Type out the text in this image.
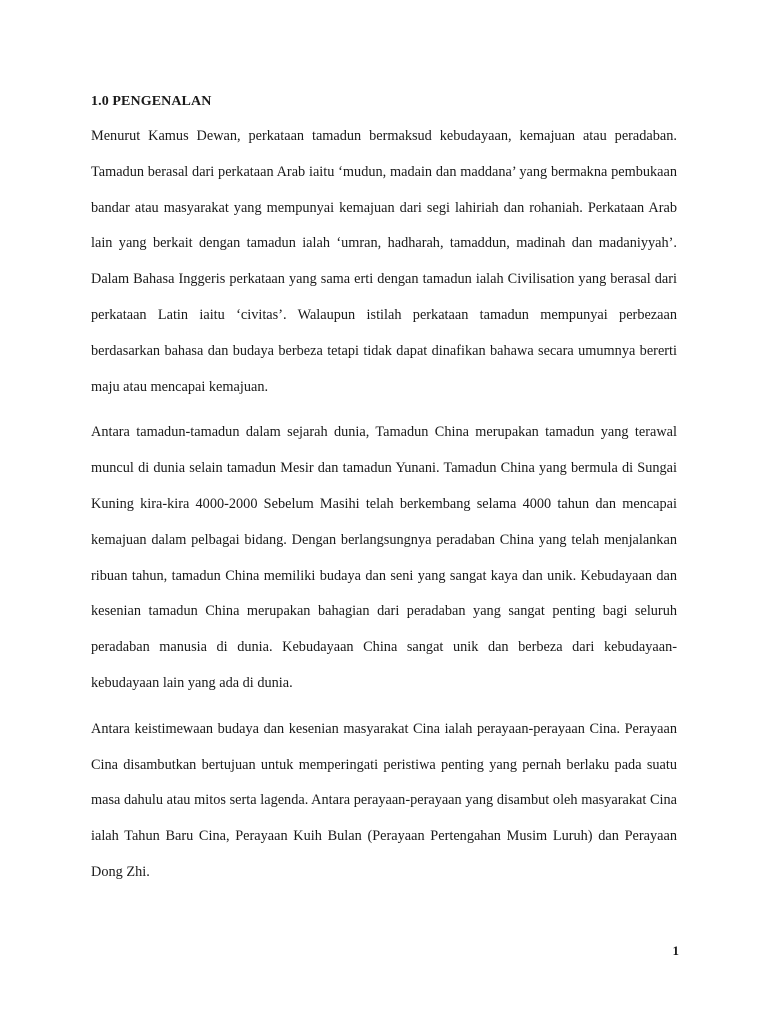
1.0 PENGENALAN

Menurut Kamus Dewan, perkataan tamadun bermaksud kebudayaan, kemajuan atau peradaban. Tamadun berasal dari perkataan Arab iaitu ‘mudun, madain dan maddana’ yang bermakna pembukaan bandar atau masyarakat yang mempunyai kemajuan dari segi lahiriah dan rohaniah. Perkataan Arab lain yang berkait dengan tamadun ialah ‘umran, hadharah, tamaddun, madinah dan madaniyyah’. Dalam Bahasa Inggeris perkataan yang sama erti dengan tamadun ialah Civilisation yang berasal dari perkataan Latin iaitu ‘civitas’. Walaupun istilah perkataan tamadun mempunyai perbezaan berdasarkan bahasa dan budaya berbeza tetapi tidak dapat dinafikan bahawa secara umumnya bererti maju atau mencapai kemajuan.

Antara tamadun-tamadun dalam sejarah dunia, Tamadun China merupakan tamadun yang terawal muncul di dunia selain tamadun Mesir dan tamadun Yunani. Tamadun China yang bermula di Sungai Kuning kira-kira 4000-2000 Sebelum Masihi telah berkembang selama 4000 tahun dan mencapai kemajuan dalam pelbagai bidang. Dengan berlangsungnya peradaban China yang telah menjalankan ribuan tahun, tamadun China memiliki budaya dan seni yang sangat kaya dan unik. Kebudayaan dan kesenian tamadun China merupakan bahagian dari peradaban yang sangat penting bagi seluruh peradaban manusia di dunia. Kebudayaan China sangat unik dan berbeza dari kebudayaan-kebudayaan lain yang ada di dunia.

Antara keistimewaan budaya dan kesenian masyarakat Cina ialah perayaan-perayaan Cina. Perayaan Cina disambutkan bertujuan untuk memperingati peristiwa penting yang pernah berlaku pada suatu masa dahulu atau mitos serta lagenda. Antara perayaan-perayaan yang disambut oleh masyarakat Cina ialah Tahun Baru Cina, Perayaan Kuih Bulan (Perayaan Pertengahan Musim Luruh) dan Perayaan Dong Zhi.

1
